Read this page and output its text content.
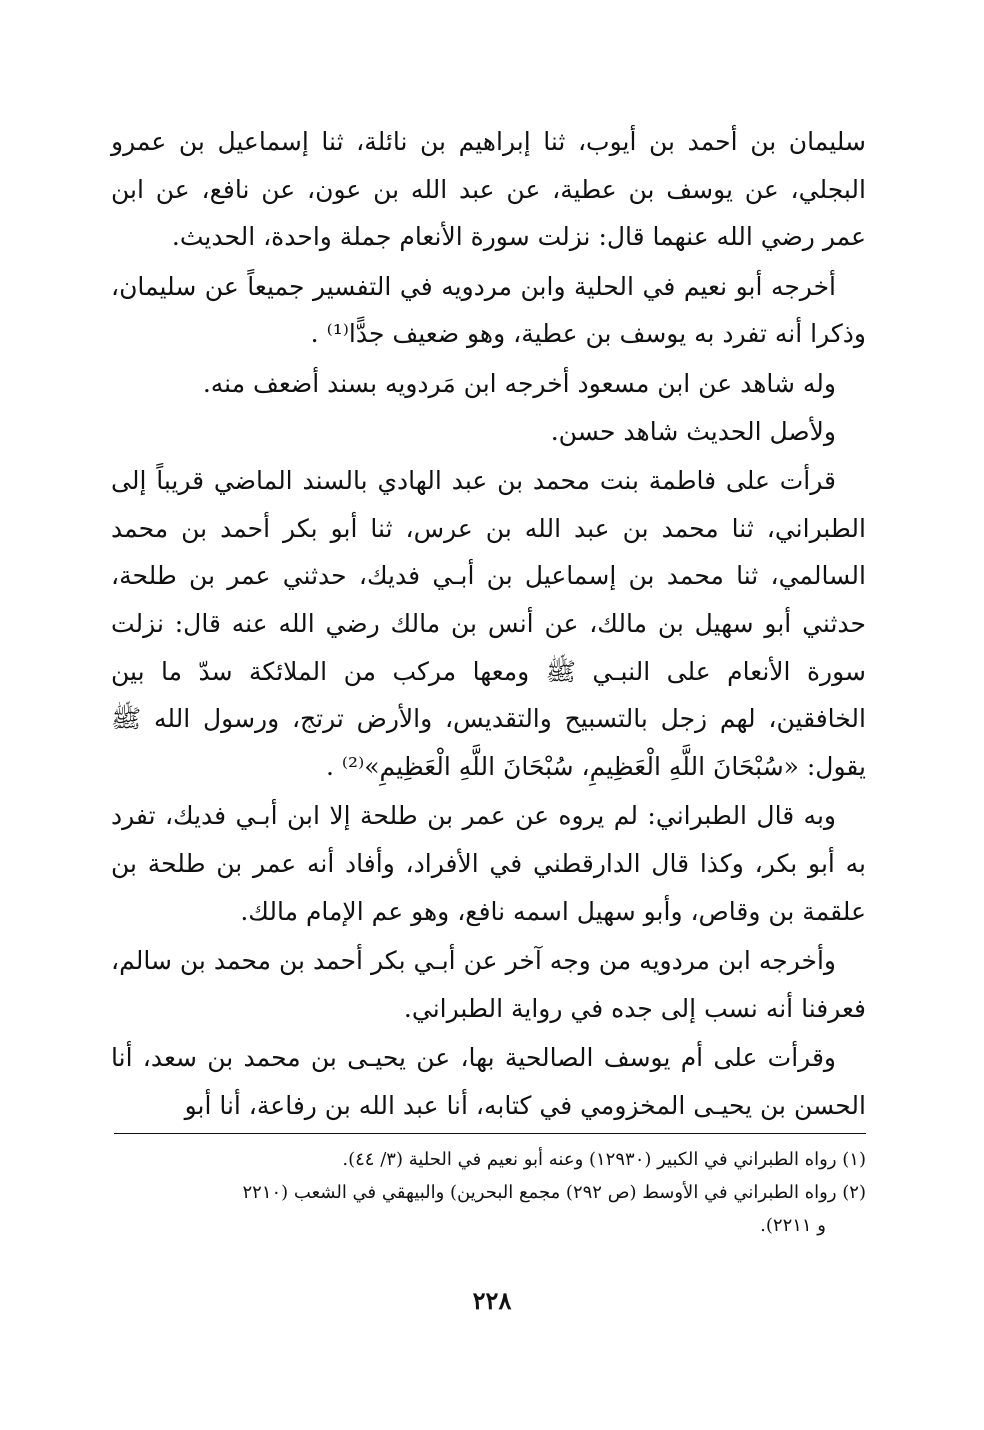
سليمان بن أحمد بن أيوب، ثنا إبراهيم بن نائلة، ثنا إسماعيل بن عمرو البجلي، عن يوسف بن عطية، عن عبد الله بن عون، عن نافع، عن ابن عمر رضي الله عنهما قال: نزلت سورة الأنعام جملة واحدة، الحديث.

أخرجه أبو نعيم في الحلية وابن مردويه في التفسير جميعاً عن سليمان، وذكرا أنه تفرد به يوسف بن عطية، وهو ضعيف جدًّا⁽¹⁾ .

وله شاهد عن ابن مسعود أخرجه ابن مَردويه بسند أضعف منه.

ولأصل الحديث شاهد حسن.

قرأت على فاطمة بنت محمد بن عبد الهادي بالسند الماضي قريباً إلى الطبراني، ثنا محمد بن عبد الله بن عرس، ثنا أبو بكر أحمد بن محمد السالمي، ثنا محمد بن إسماعيل بن أبـي فديك، حدثني عمر بن طلحة، حدثني أبو سهيل بن مالك، عن أنس بن مالك رضي الله عنه قال: نزلت سورة الأنعام على النبـي ﷺ ومعها مركب من الملائكة سدّ ما بين الخافقين، لهم زجل بالتسبيح والتقديس، والأرض ترتج، ورسول الله ﷺ يقول: «سُبْحَانَ اللَّهِ الْعَظِيمِ، سُبْحَانَ اللَّهِ الْعَظِيمِ»⁽²⁾ .

وبه قال الطبراني: لم يروه عن عمر بن طلحة إلا ابن أبـي فديك، تفرد به أبو بكر، وكذا قال الدارقطني في الأفراد، وأفاد أنه عمر بن طلحة بن علقمة بن وقاص، وأبو سهيل اسمه نافع، وهو عم الإمام مالك.

وأخرجه ابن مردويه من وجه آخر عن أبـي بكر أحمد بن محمد بن سالم، فعرفنا أنه نسب إلى جده في رواية الطبراني.

وقرأت على أم يوسف الصالحية بها، عن يحيـى بن محمد بن سعد، أنا الحسن بن يحيـى المخزومي في كتابه، أنا عبد الله بن رفاعة، أنا أبو

(١) رواه الطبراني في الكبير (١٢٩٣٠) وعنه أبو نعيم في الحلية (٣/ ٤٤).

(٢) رواه الطبراني في الأوسط (ص ٢٩٢) مجمع البحرين) والبيهقي في الشعب (٢٢١٠

و ٢٢١١).

٢٢٨
